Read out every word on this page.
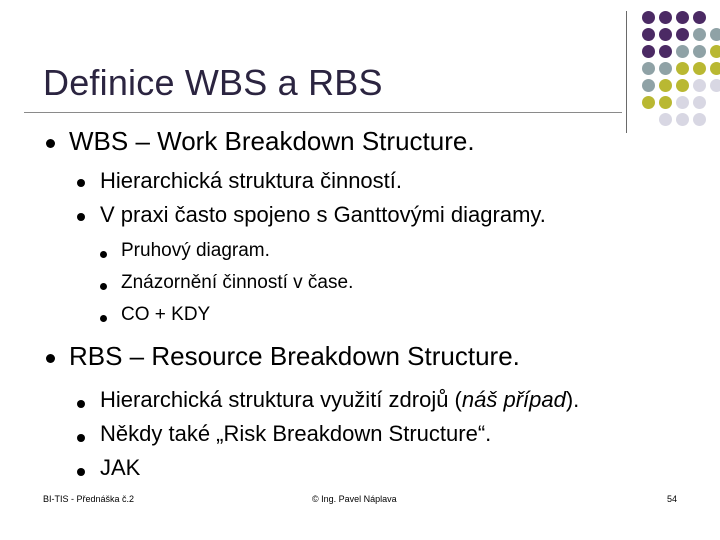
Definice WBS a RBS
WBS – Work Breakdown Structure.
Hierarchická struktura činností.
V praxi často spojeno s Ganttovými diagramy.
Pruhový diagram.
Znázornění činností v čase.
CO + KDY
RBS – Resource Breakdown Structure.
Hierarchická struktura využití zdrojů (náš případ).
Někdy také „Risk Breakdown Structure“.
JAK
BI-TIS - Přednáška č.2	© Ing. Pavel Náplava	54
